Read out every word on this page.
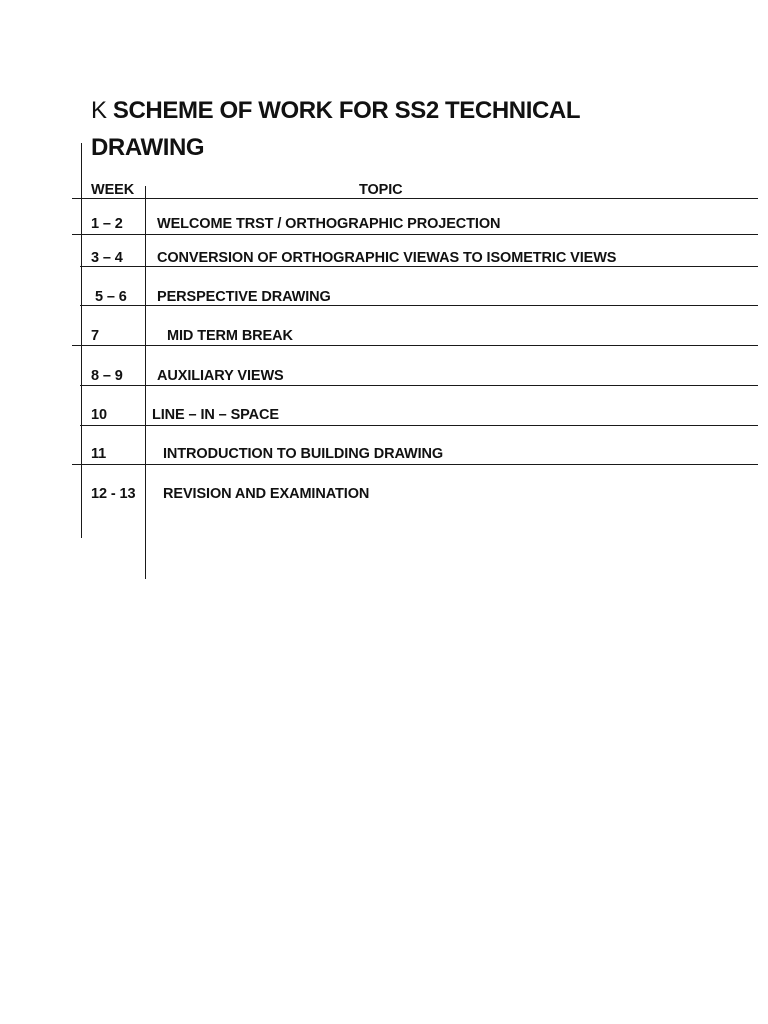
K SCHEME OF WORK FOR SS2 TECHNICAL
DRAWING
WEEK	TOPIC
1 – 2 WELCOME TRST / ORTHOGRAPHIC PROJECTION
3 – 4 CONVERSION OF ORTHOGRAPHIC VIEWAS TO ISOMETRIC VIEWS
5 – 6 PERSPECTIVE DRAWING
7	MID TERM BREAK
8 – 9 AUXILIARY VIEWS
10	LINE – IN – SPACE
11	INTRODUCTION TO BUILDING DRAWING
12 - 13 REVISION AND EXAMINATION
